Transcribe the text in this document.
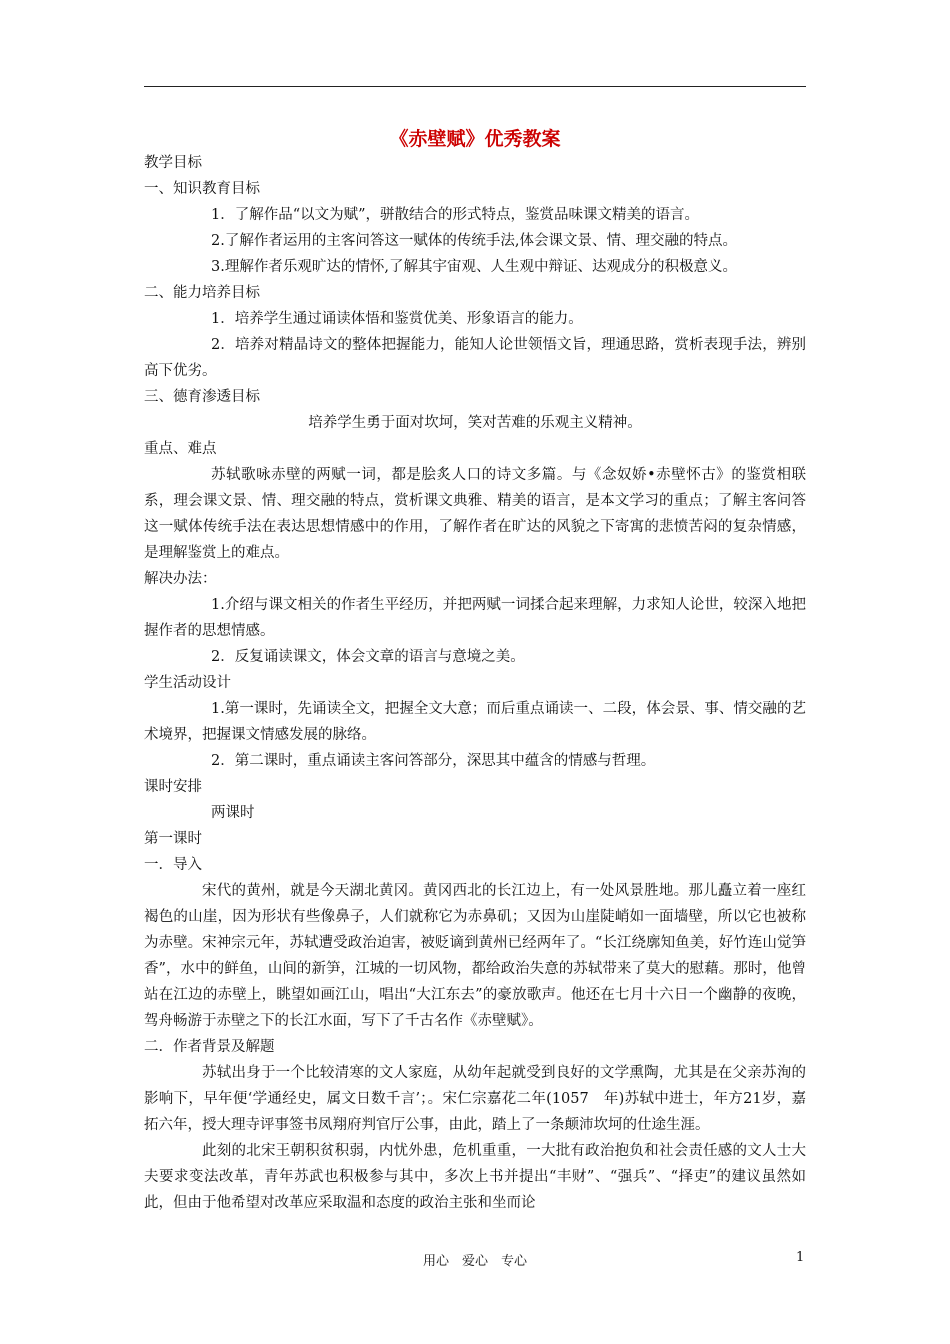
《赤壁赋》优秀教案

教学目标

一、知识教育目标

1．了解作品“以文为赋”，骈散结合的形式特点，鉴赏品味课文精美的语言。

2.了解作者运用的主客问答这一赋体的传统手法,体会课文景、情、理交融的特点。

3.理解作者乐观旷达的情怀,了解其宇宙观、人生观中辩证、达观成分的积极意义。

二、能力培养目标

1．培养学生通过诵读体悟和鉴赏优美、形象语言的能力。

2．培养对精晶诗文的整体把握能力，能知人论世领悟文旨，理通思路，赏析表现手法，辨别高下优劣。

三、德育渗透目标

培养学生勇于面对坎坷，笑对苦难的乐观主义精神。

重点、难点

苏轼歌咏赤壁的两赋一词，都是脍炙人口的诗文多篇。与《念奴娇•赤壁怀古》的鉴赏相联系，理会课文景、情、理交融的特点，赏析课文典雅、精美的语言，是本文学习的重点；了解主客问答这一赋体传统手法在表达思想情感中的作用，了解作者在旷达的风貌之下寄寓的悲愤苦闷的复杂情感，是理解鉴赏上的难点。

解决办法：

1.介绍与课文相关的作者生平经历，并把两赋一词揉合起来理解，力求知人论世，较深入地把握作者的思想情感。

2．反复诵读课文，体会文章的语言与意境之美。

学生活动设计

1.第一课时，先诵读全文，把握全文大意；而后重点诵读一、二段，体会景、事、情交融的艺术境界，把握课文情感发展的脉络。

2．第二课时，重点诵读主客问答部分，深思其中蕴含的情感与哲理。

课时安排

两课时

第一课时

一．导入

宋代的黄州，就是今天湖北黄冈。黄冈西北的长江边上，有一处风景胜地。那儿矗立着一座红褐色的山崖，因为形状有些像鼻子，人们就称它为赤鼻矶；又因为山崖陡峭如一面墙壁，所以它也被称为赤壁。宋神宗元年，苏轼遭受政治迫害，被贬谪到黄州已经两年了。“长江绕廓知鱼美，好竹连山觉笋香”，水中的鲜鱼，山间的新笋，江城的一切风物，都给政治失意的苏轼带来了莫大的慰藉。那时，他曾站在江边的赤壁上，眺望如画江山，唱出“大江东去”的豪放歌声。他还在七月十六日一个幽静的夜晚，驾舟畅游于赤壁之下的长江水面，写下了千古名作《赤壁赋》。

二．作者背景及解题

苏轼出身于一个比较清寒的文人家庭，从幼年起就受到良好的文学熏陶，尤其是在父亲苏洵的影响下，早年便‘学通经史，属文日数千言’；。宋仁宗嘉花二年(1057　年)苏轼中进士，年方21岁，嘉拓六年，授大理寺评事签书凤翔府判官厅公事，由此，踏上了一条颠沛坎坷的仕途生涯。

此刻的北宋王朝积贫积弱，内忧外患，危机重重，一大批有政治抱负和社会责任感的文人士大夫要求变法改革，青年苏武也积极参与其中，多次上书并提出“丰财”、“强兵”、“择吏”的建议虽然如此，但由于他希望对改革应采取温和态度的政治主张和坐而论

用心　爱心　专心	1
